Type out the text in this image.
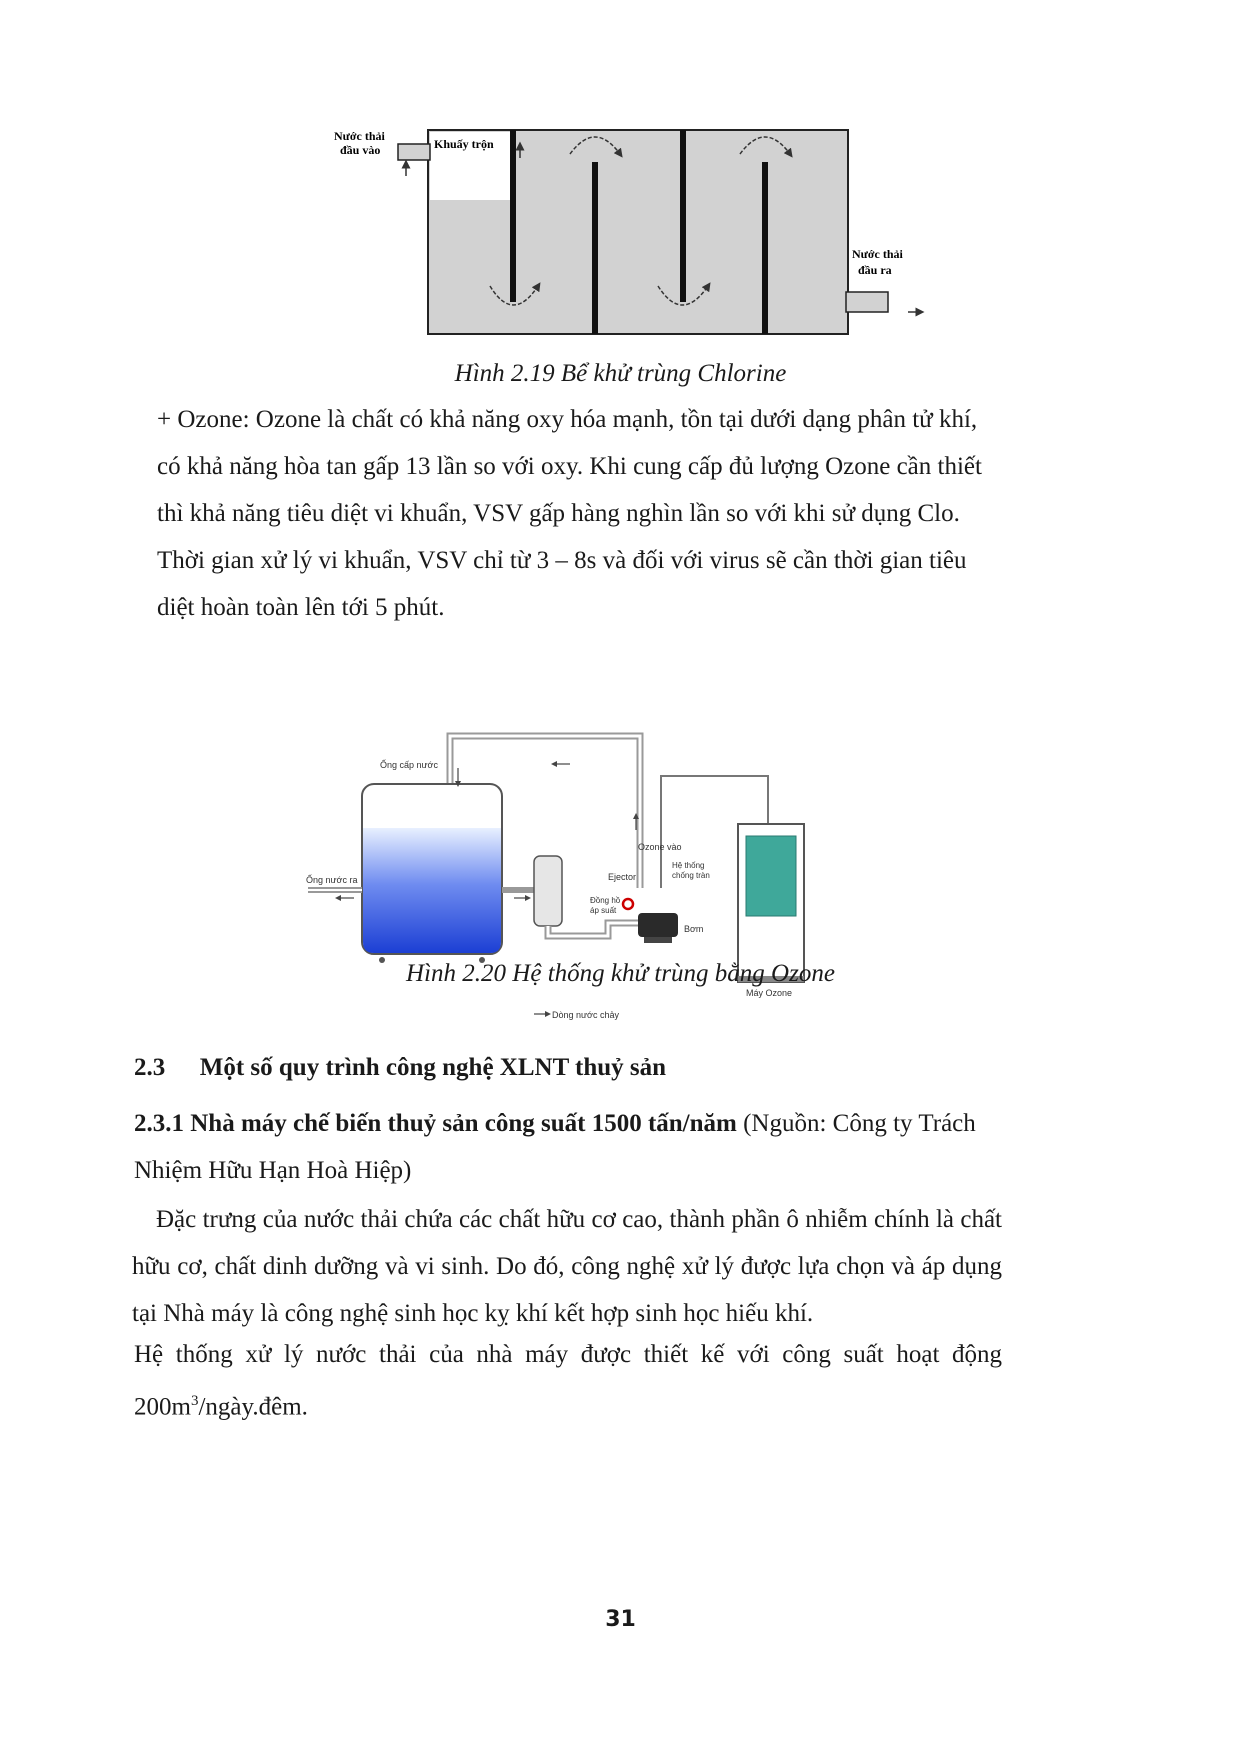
Nước thải
đầu vào	Khuấy trộn
Nước thải
đầu ra
Hình 2.19 Bể khử trùng Chlorine
+ Ozone: Ozone là chất có khả năng oxy hóa mạnh, tồn tại dưới dạng phân tử khí,
có khả năng hòa tan gấp 13 lần so với oxy. Khi cung cấp đủ lượng Ozone cần thiết
thì khả năng tiêu diệt vi khuẩn, VSV gấp hàng nghìn lần so với khi sử dụng Clo.
Thời gian xử lý vi khuẩn, VSV chỉ từ 3 – 8s và đối với virus sẽ cần thời gian tiêu
diệt hoàn toàn lên tới 5 phút.
Ống cấp nước
Ống nước ra
Ozone vào
Ejector
Hệ thống
chống tràn
Đồng hồ
áp suất
Bơm
Máy Ozone
Dòng nước chảy
Hình 2.20 Hệ thống khử trùng bằng Ozone
2.3 Một số quy trình công nghệ XLNT thuỷ sản
2.3.1 Nhà máy chế biến thuỷ sản công suất 1500 tấn/năm (Nguồn: Công ty Trách
Nhiệm Hữu Hạn Hoà Hiệp)
Đặc trưng của nước thải chứa các chất hữu cơ cao, thành phần ô nhiễm chính là chất hữu cơ, chất dinh dưỡng và vi sinh. Do đó, công nghệ xử lý được lựa chọn và áp dụng tại Nhà máy là công nghệ sinh học kỵ khí kết hợp sinh học hiếu khí.
Hệ thống xử lý nước thải của nhà máy được thiết kế với công suất hoạt động
$200m^3/ngày.đêm$.
31
